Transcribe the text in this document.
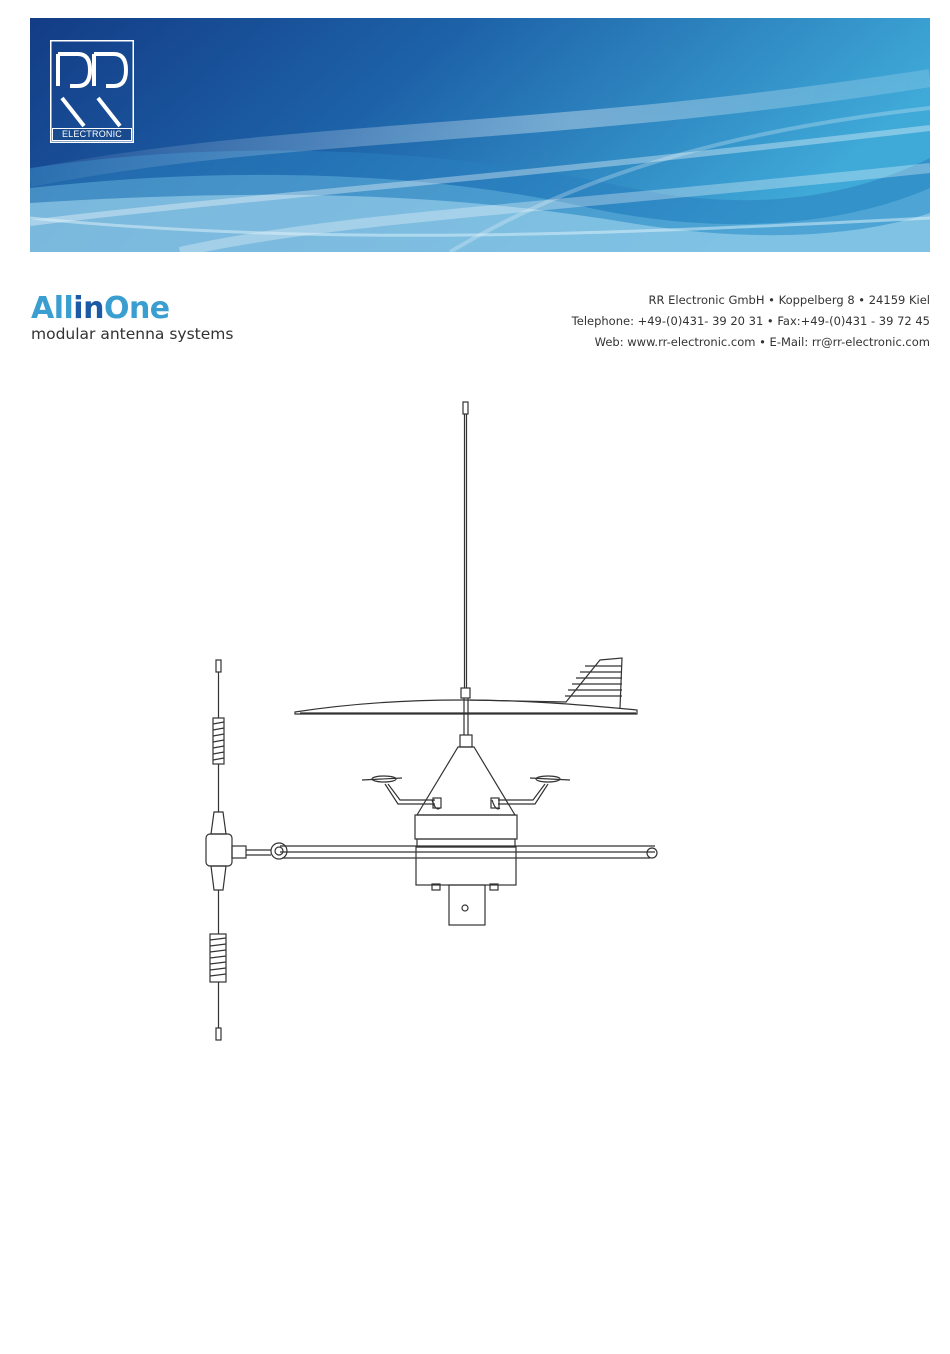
ELECTRONIC
AllinOne
modular antenna systems
RR Electronic GmbH • Koppelberg 8 • 24159 Kiel
Telephone: +49-(0)431- 39 20 31 • Fax:+49-(0)431 - 39 72 45
Web: www.rr-electronic.com • E-Mail: rr@rr-electronic.com
